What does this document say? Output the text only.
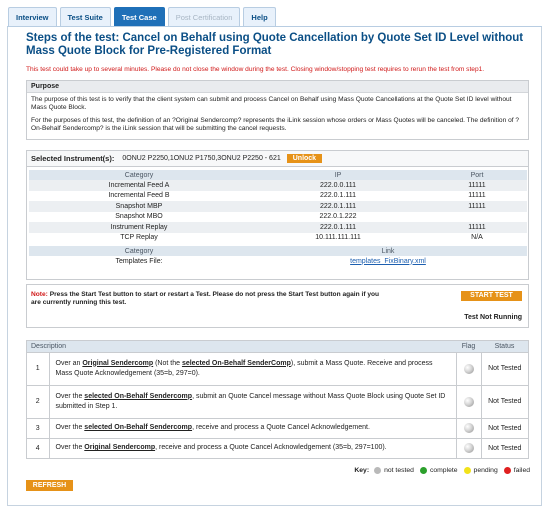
Interview	Test Suite	Test Case	Post Certification	Help
Steps of the test: Cancel on Behalf using Quote Cancellation by Quote Set ID Level without Mass Quote Block for Pre-Registered Format
This test could take up to several minutes. Please do not close the window during the test. Closing window/stopping test requires to rerun the test from step1.
Purpose

The purpose of this test is to verify that the client system can submit and process Cancel on Behalf using Mass Quote Cancellations at the Quote Set ID level without Mass Quote Block.

For the purposes of this test, the definition of an ?Original Sendercomp? represents the iLink session whose orders or Mass Quotes will be canceled. The definition of ?On-Behalf Sendercomp? is the iLink session that will be submitting the cancel requests.

Selected Instrument(s): 0ONU2 P2250,1ONU2 P1750,3ONU2 P2250 - 621	Unlock
Category	IP	Port
Incremental Feed A	222.0.0.111	11111
Incremental Feed B	222.0.1.111	11111
Snapshot MBP	222.0.1.111	11111
Snapshot MBO	222.0.1.222	
Instrument Replay	222.0.1.111	11111
TCP Replay	10.111.111.111	N/A
Category	Link
Templates File:	templates_FixBinary.xml
Note: Press the Start Test button to start or restart a Test. Please do not press the Start Test button again if you are currently running this test.
START TEST
Test Not Running
Description		Flag	Status
1	Over an Original Sendercomp (Not the selected On-Behalf SenderComp), submit a Mass Quote. Receive and process Mass Quote Acknowledgement (35=b, 297=0).		Not Tested
2	Over the selected On-Behalf Sendercomp, submit an Quote Cancel message without Mass Quote Block using Quote Set ID submitted in Step 1.		Not Tested
3	Over the selected On-Behalf Sendercomp, receive and process a Quote Cancel Acknowledgement.		Not Tested
4	Over the Original Sendercomp, receive and process a Quote Cancel Acknowledgement (35=b, 297=100).		Not Tested
Key: not tested complete pending failed
REFRESH
